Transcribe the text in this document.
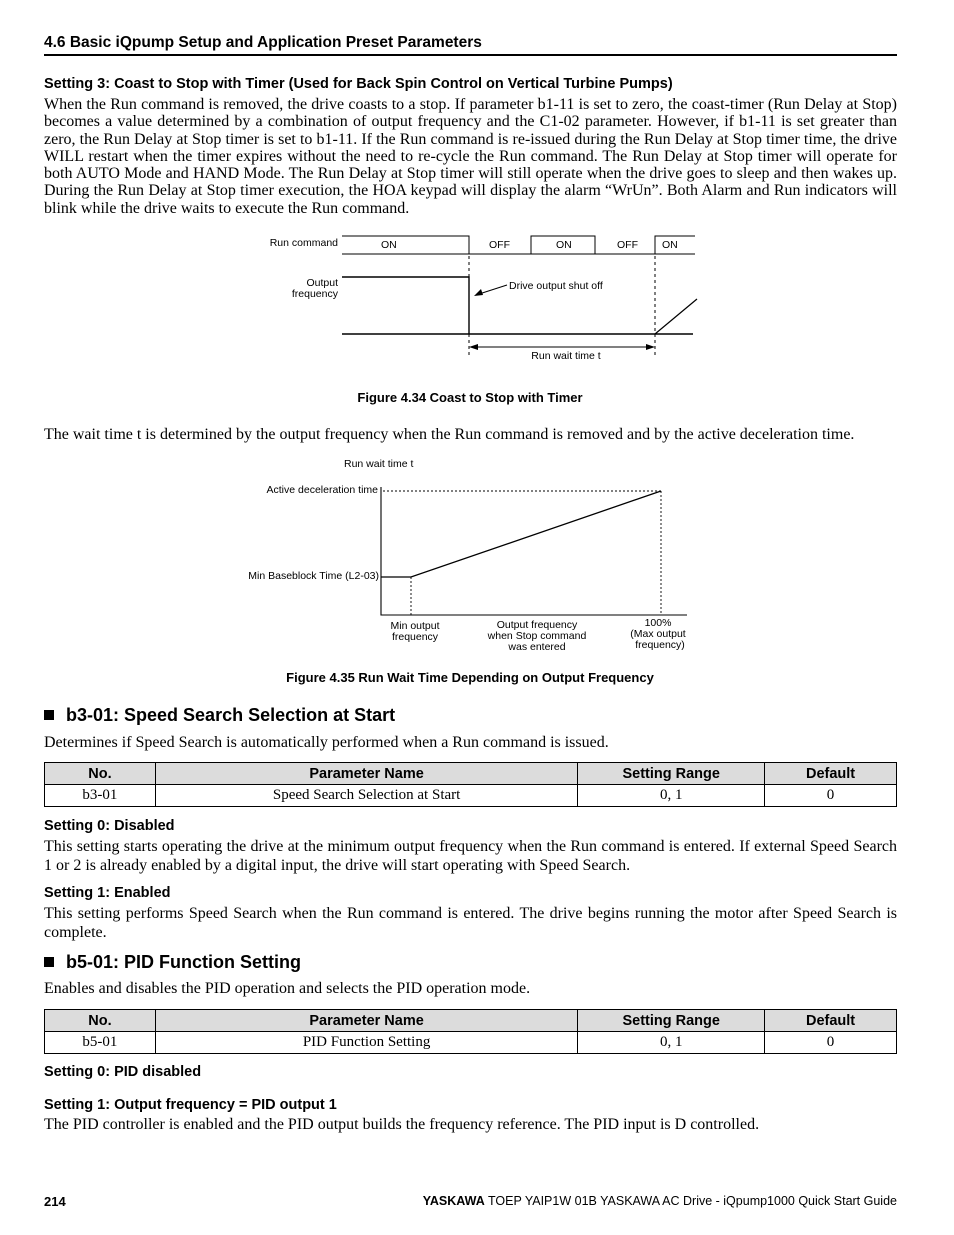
4.6 Basic iQpump Setup and Application Preset Parameters
Setting 3: Coast to Stop with Timer (Used for Back Spin Control on Vertical Turbine Pumps)
When the Run command is removed, the drive coasts to a stop. If parameter b1-11 is set to zero, the coast-timer (Run Delay at Stop) becomes a value determined by a combination of output frequency and the C1-02 parameter. However, if b1-11 is set greater than zero, the Run Delay at Stop timer is set to b1-11. If the Run command is re-issued during the Run Delay at Stop timer time, the drive WILL restart when the timer expires without the need to re-cycle the Run command. The Run Delay at Stop timer will operate for both AUTO Mode and HAND Mode. The Run Delay at Stop timer will still operate when the drive goes to sleep and then wakes up. During the Run Delay at Stop timer execution, the HOA keypad will display the alarm “WrUn”. Both Alarm and Run indicators will blink while the drive waits to execute the Run command.
Run command
Output
frequency
ON	OFF	ON	OFF ON
Drive output shut off
Run wait time t
Figure 4.34 Coast to Stop with Timer
The wait time t is determined by the output frequency when the Run command is removed and by the active deceleration time.
Run wait time t
Active deceleration time
Min Baseblock Time (L2-03)
Min output
frequency
Output frequency
when Stop command
was entered
100%
(Max output
frequency)
Figure 4.35 Run Wait Time Depending on Output Frequency
b3-01: Speed Search Selection at Start
Determines if Speed Search is automatically performed when a Run command is issued.
No.	Parameter Name	Setting Range	Default
b3-01	Speed Search Selection at Start	0, 1	0
Setting 0: Disabled
This setting starts operating the drive at the minimum output frequency when the Run command is entered. If external Speed Search 1 or 2 is already enabled by a digital input, the drive will start operating with Speed Search.
Setting 1: Enabled
This setting performs Speed Search when the Run command is entered. The drive begins running the motor after Speed Search is complete.
b5-01: PID Function Setting
Enables and disables the PID operation and selects the PID operation mode.
No.	Parameter Name	Setting Range	Default
b5-01	PID Function Setting	0, 1	0
Setting 0: PID disabled
Setting 1: Output frequency = PID output 1
The PID controller is enabled and the PID output builds the frequency reference. The PID input is D controlled.
214	YASKAWA TOEP YAIP1W 01B YASKAWA AC Drive - iQpump1000 Quick Start Guide
